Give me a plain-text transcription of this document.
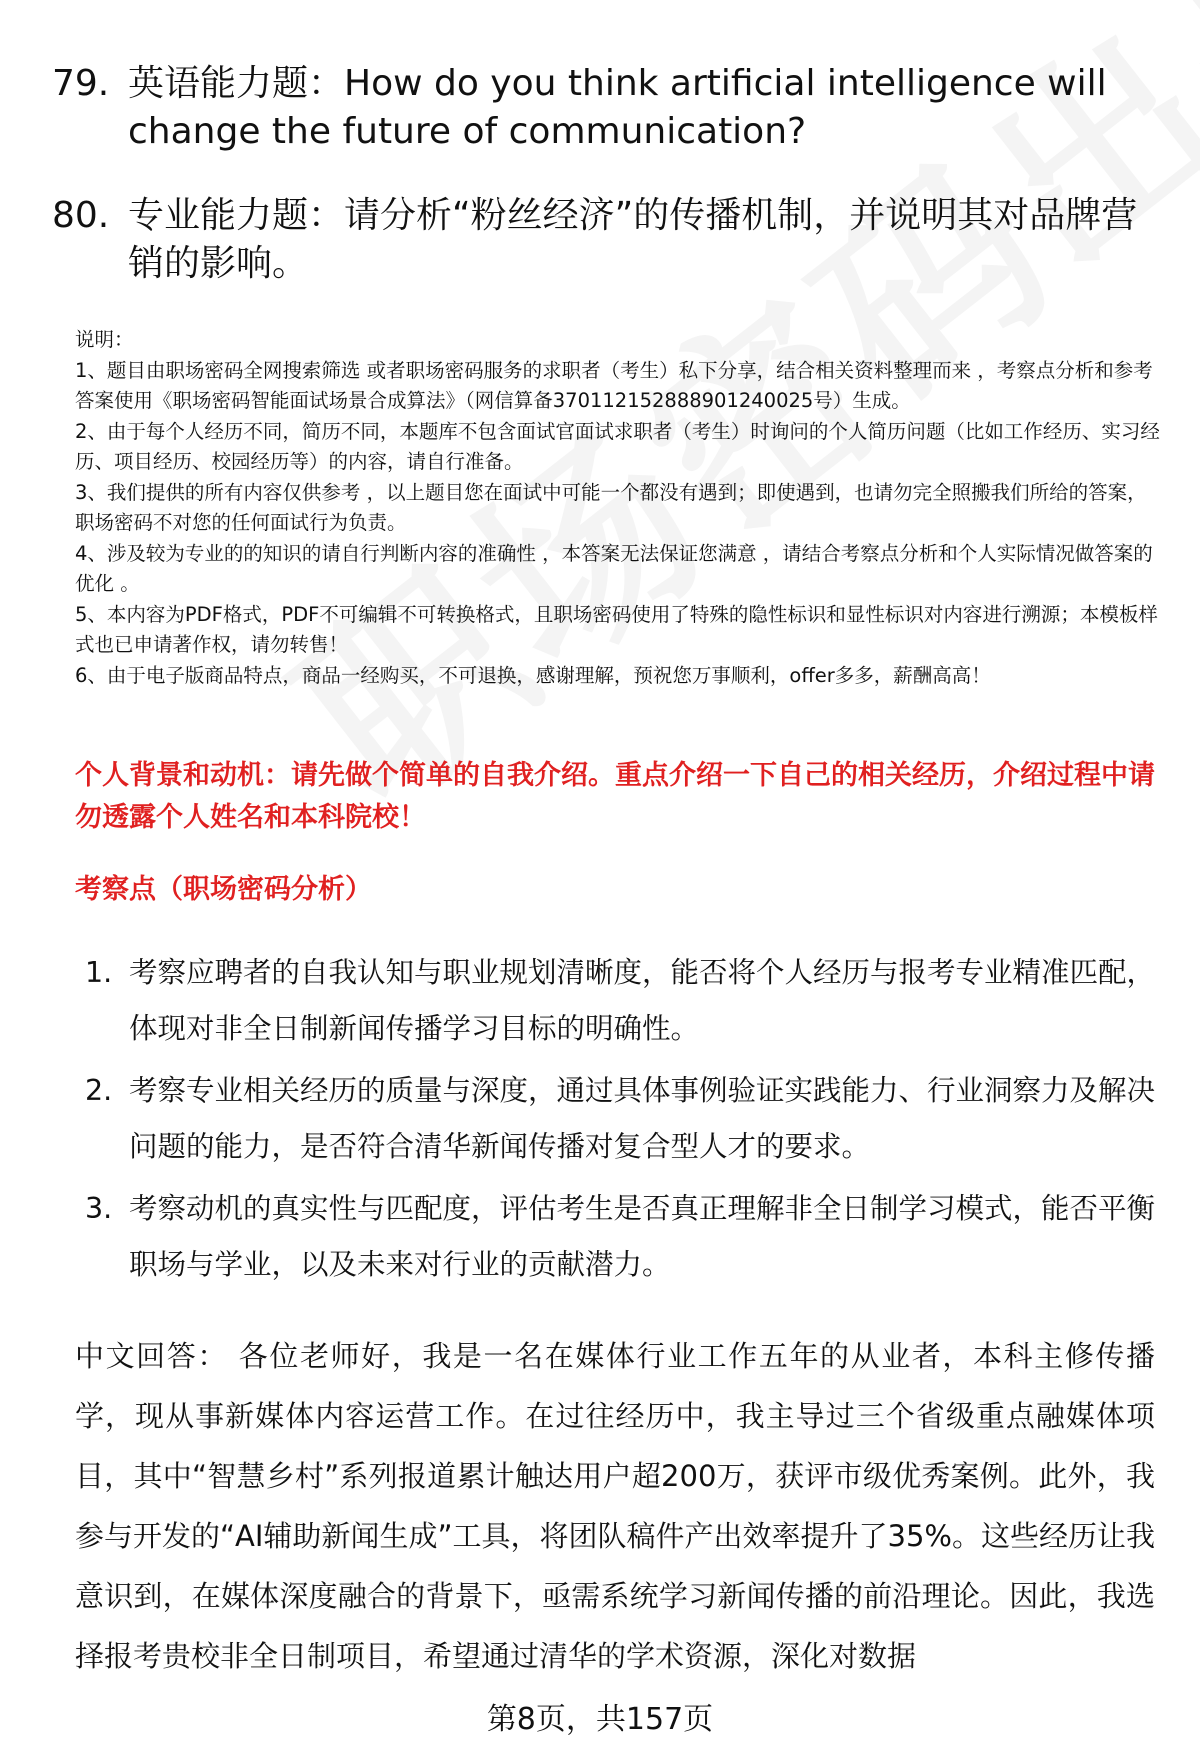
79. 英语能力题：How do you think artificial intelligence will change the future of communication?
80. 专业能力题：请分析“粉丝经济”的传播机制，并说明其对品牌营销的影响。
说明：
1、题目由职场密码全网搜索筛选 或者职场密码服务的求职者（考生）私下分享，结合相关资料整理而来 ，考察点分析和参考答案使用《职场密码智能面试场景合成算法》（网信算备370112152888901240025号）生成。
2、由于每个人经历不同，简历不同，本题库不包含面试官面试求职者（考生）时询问的个人简历问题（比如工作经历、实习经历、项目经历、校园经历等）的内容，请自行准备。
3、我们提供的所有内容仅供参考 ，以上题目您在面试中可能一个都没有遇到；即使遇到，也请勿完全照搬我们所给的答案，职场密码不对您的任何面试行为负责。
4、涉及较为专业的的知识的请自行判断内容的准确性 ，本答案无法保证您满意 ，请结合考察点分析和个人实际情况做答案的优化 。
5、本内容为PDF格式，PDF不可编辑不可转换格式，且职场密码使用了特殊的隐性标识和显性标识对内容进行溯源；本模板样式也已申请著作权，请勿转售！
6、由于电子版商品特点，商品一经购买，不可退换，感谢理解，预祝您万事顺利，offer多多，薪酬高高！
个人背景和动机：请先做个简单的自我介绍。重点介绍一下自己的相关经历，介绍过程中请勿透露个人姓名和本科院校！
考察点（职场密码分析）
1. 考察应聘者的自我认知与职业规划清晰度，能否将个人经历与报考专业精准匹配，体现对非全日制新闻传播学习目标的明确性。
2. 考察专业相关经历的质量与深度，通过具体事例验证实践能力、行业洞察力及解决问题的能力，是否符合清华新闻传播对复合型人才的要求。
3. 考察动机的真实性与匹配度，评估考生是否真正理解非全日制学习模式，能否平衡职场与学业，以及未来对行业的贡献潜力。
中文回答： 各位老师好，我是一名在媒体行业工作五年的从业者，本科主修传播学，现从事新媒体内容运营工作。在过往经历中，我主导过三个省级重点融媒体项目，其中“智慧乡村”系列报道累计触达用户超200万，获评市级优秀案例。此外，我参与开发的“AI辅助新闻生成”工具，将团队稿件产出效率提升了35%。这些经历让我意识到，在媒体深度融合的背景下，亟需系统学习新闻传播的前沿理论。因此，我选择报考贵校非全日制项目，希望通过清华的学术资源，深化对数据
第8页，共157页
